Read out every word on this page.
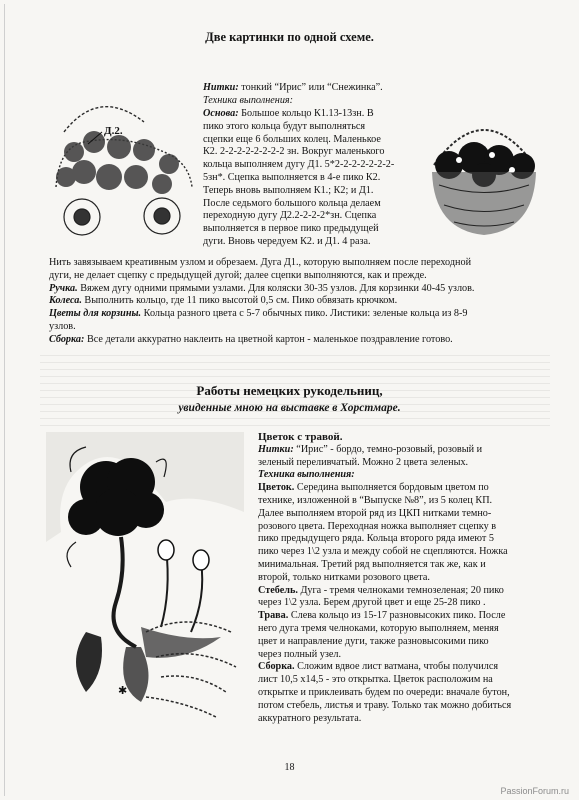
Две картинки по одной схеме.
Д.2.
Нитки: тонкий “Ирис” или “Снежинка”.
Техника выполнения:
Основа: Большое кольцо К1.13-13зн. В
пико этого кольца будут выполняться
сцепки еще 6 больших колец. Маленькое
К2. 2-2-2-2-2-2-2-2 зн. Вокруг маленького
кольца выполняем дугу Д1. 5*2-2-2-2-2-2-2-
5зн*. Сцепка выполняется в 4-е пико К2.
Теперь вновь выполняем К1.; К2; и Д1.
После седьмого большого кольца делаем
переходную дугу Д2.2-2-2-2*зн. Сцепка
выполняется в первое пико предыдущей
дуги. Вновь чередуем К2. и Д1. 4 раза.
Нить завязываем креативным узлом и обрезаем. Дуга Д1., которую выполняем после переходной
дуги, не делает сцепку с предыдущей дугой; далее сцепки выполняются, как и прежде.
Ручка. Вяжем дугу одними прямыми узлами. Для коляски 30-35 узлов. Для корзинки 40-45 узлов.
Колеса. Выполнить кольцо, где 11 пико высотой 0,5 см. Пико обвязать крючком.
Цветы для корзины. Кольца разного цвета с 5-7 обычных пико. Листики: зеленые кольца из 8-9
узлов.
Сборка: Все детали аккуратно наклеить на цветной картон - маленькое поздравление готово.
Работы немецких рукодельниц,
увиденные мною на выставке в Хорстмаре.
✱
Цветок с травой.
Нитки: “Ирис” - бордо, темно-розовый, розовый и
зеленый переливчатый. Можно 2 цвета зеленых.
Техника выполнения:
Цветок. Середина выполняется бордовым цветом по
технике, изложенной в “Выпуске №8”, из 5 колец КП.
Далее выполняем второй ряд из ЦКП нитками темно-
розового цвета. Переходная ножка выполняет сцепку в
пико предыдущего ряда. Кольца второго ряда имеют 5
пико через 1\2 узла и между собой не сцепляются. Ножка
минимальная. Третий ряд выполняется так же, как и
второй, только нитками розового цвета.
Стебель. Дуга - тремя челноками темнозеленая; 20 пико
через 1\2 узла. Берем другой цвет и еще 25-28 пико .
Трава. Слева кольцо из 15-17 разновысоких пико. После
него дуга тремя челноками, которую выполняем, меняя
цвет и направление дуги, также разновысокими пико
через полный узел.
Сборка. Сложим вдвое лист ватмана, чтобы получился
лист 10,5 х14,5 - это открытка. Цветок расположим на
открытке и приклеивать будем по очереди: вначале бутон,
потом стебель, листья и траву. Только так можно добиться
аккуратного результата.
18
PassionForum.ru
